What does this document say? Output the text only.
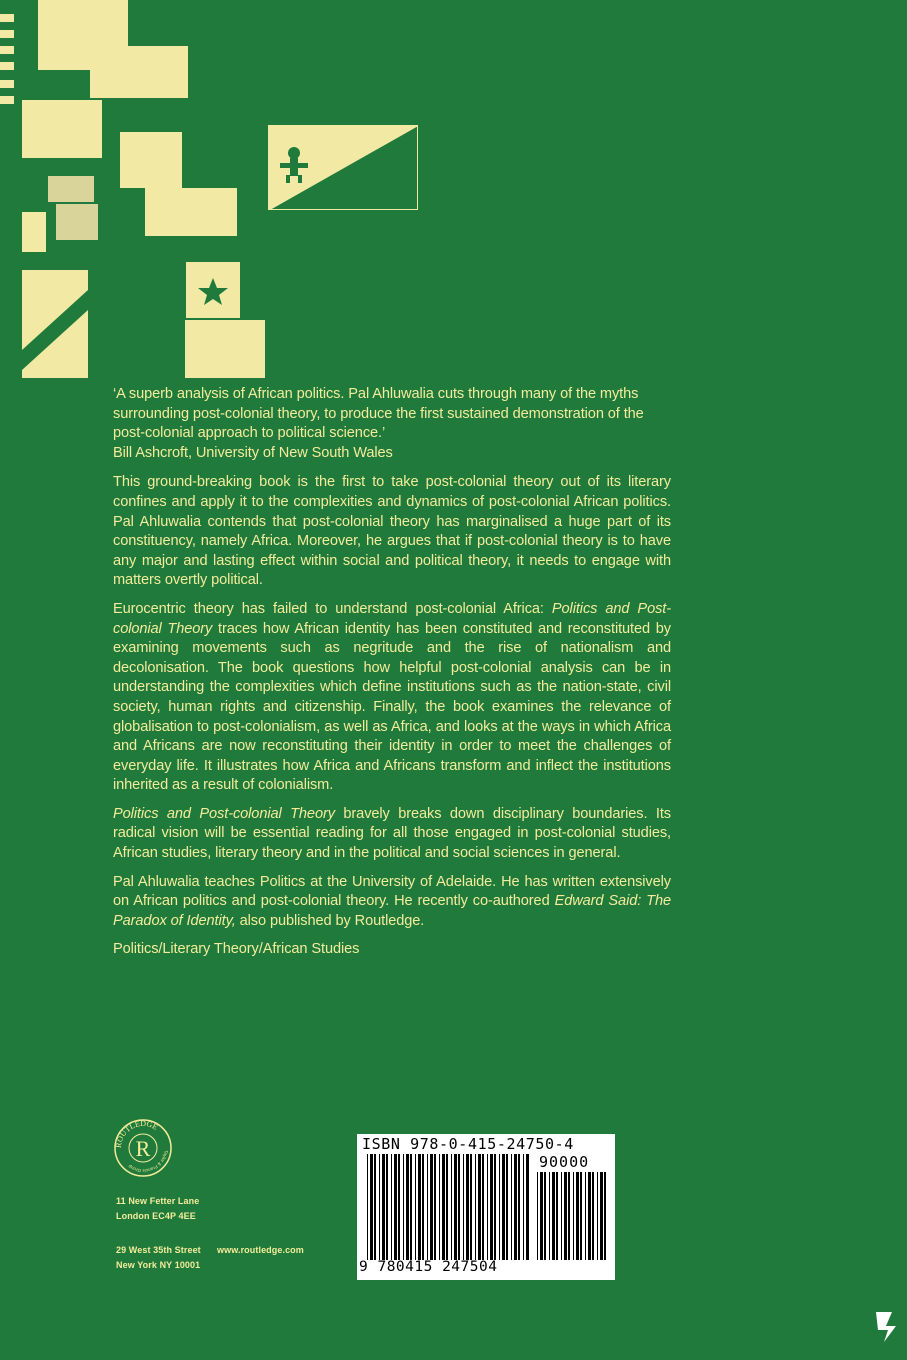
‘A superb analysis of African politics. Pal Ahluwalia cuts through many of the myths surrounding post-colonial theory, to produce the first sustained demonstration of the post-colonial approach to political science.’

Bill Ashcroft, University of New South Wales

This ground-breaking book is the first to take post-colonial theory out of its literary confines and apply it to the complexities and dynamics of post-colonial African politics. Pal Ahluwalia contends that post-colonial theory has marginalised a huge part of its constituency, namely Africa. Moreover, he argues that if post-colonial theory is to have any major and lasting effect within social and political theory, it needs to engage with matters overtly political.

Eurocentric theory has failed to understand post-colonial Africa: Politics and Post-colonial Theory traces how African identity has been constituted and reconstituted by examining movements such as negritude and the rise of nationalism and decolonisation. The book questions how helpful post-colonial analysis can be in understanding the complexities which define institutions such as the nation-state, civil society, human rights and citizenship. Finally, the book examines the relevance of globalisation to post-colonialism, as well as Africa, and looks at the ways in which Africa and Africans are now reconstituting their identity in order to meet the challenges of everyday life. It illustrates how Africa and Africans transform and inflect the institutions inherited as a result of colonialism.

Politics and Post-colonial Theory bravely breaks down disciplinary boundaries. Its radical vision will be essential reading for all those engaged in post-colonial studies, African studies, literary theory and in the political and social sciences in general.

Pal Ahluwalia teaches Politics at the University of Adelaide. He has written extensively on African politics and post-colonial theory. He recently co-authored Edward Said: The Paradox of Identity, also published by Routledge.

Politics/Literary Theory/African Studies

R
ROUTLEDGE
Taylor & Francis Group
11 New Fetter Lane
London EC4P 4EE
29 West 35th Street
New York NY 10001
www.routledge.com
ISBN 978-0-415-24750-4
90000
9 780415 247504
